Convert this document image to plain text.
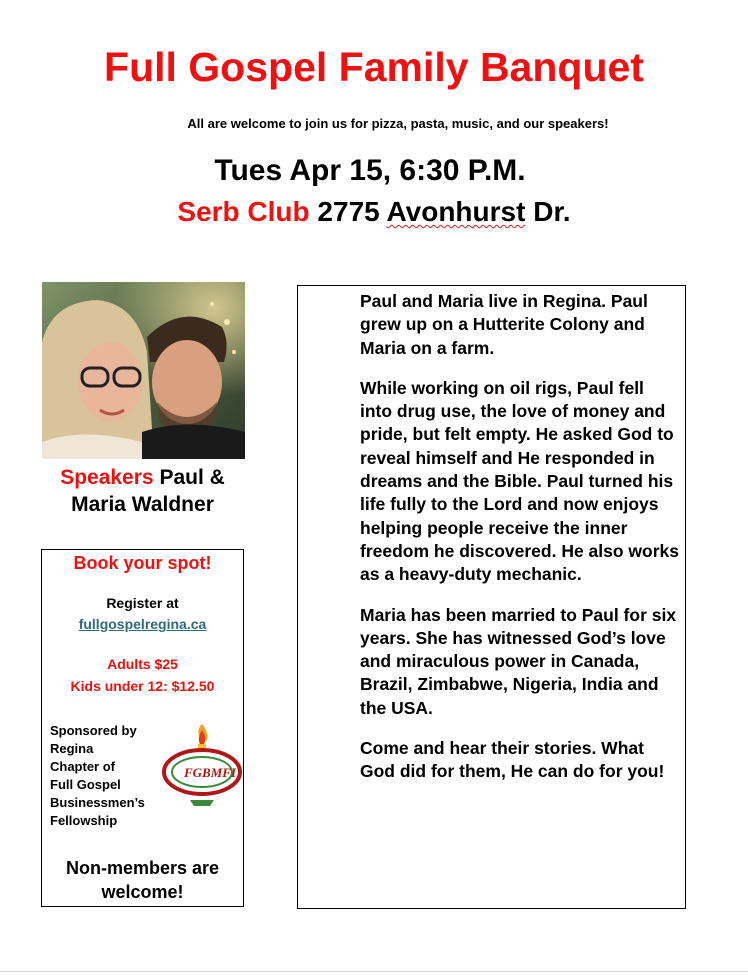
Full Gospel Family Banquet
All are welcome to join us for pizza, pasta, music, and our speakers!
Tues Apr 15, 6:30 P.M.
Serb Club 2775 Avonhurst Dr.
Speakers Paul &
Maria Waldner
Book your spot!
Register at
fullgospelregina.ca
Adults $25
Kids under 12: $12.50
Sponsored by
Regina
Chapter of
Full Gospel
Businessmen’s
Fellowship
FGBMFI
Non-members are
welcome!

Paul and Maria live in Regina. Paul grew up on a Hutterite Colony and Maria on a farm.

While working on oil rigs, Paul fell into drug use, the love of money and pride, but felt empty. He asked God to reveal himself and He responded in dreams and the Bible. Paul turned his life fully to the Lord and now enjoys helping people receive the inner freedom he discovered. He also works as a heavy-duty mechanic.

Maria has been married to Paul for six years. She has witnessed God’s love and miraculous power in Canada, Brazil, Zimbabwe, Nigeria, India and the USA.

Come and hear their stories. What God did for them, He can do for you!
